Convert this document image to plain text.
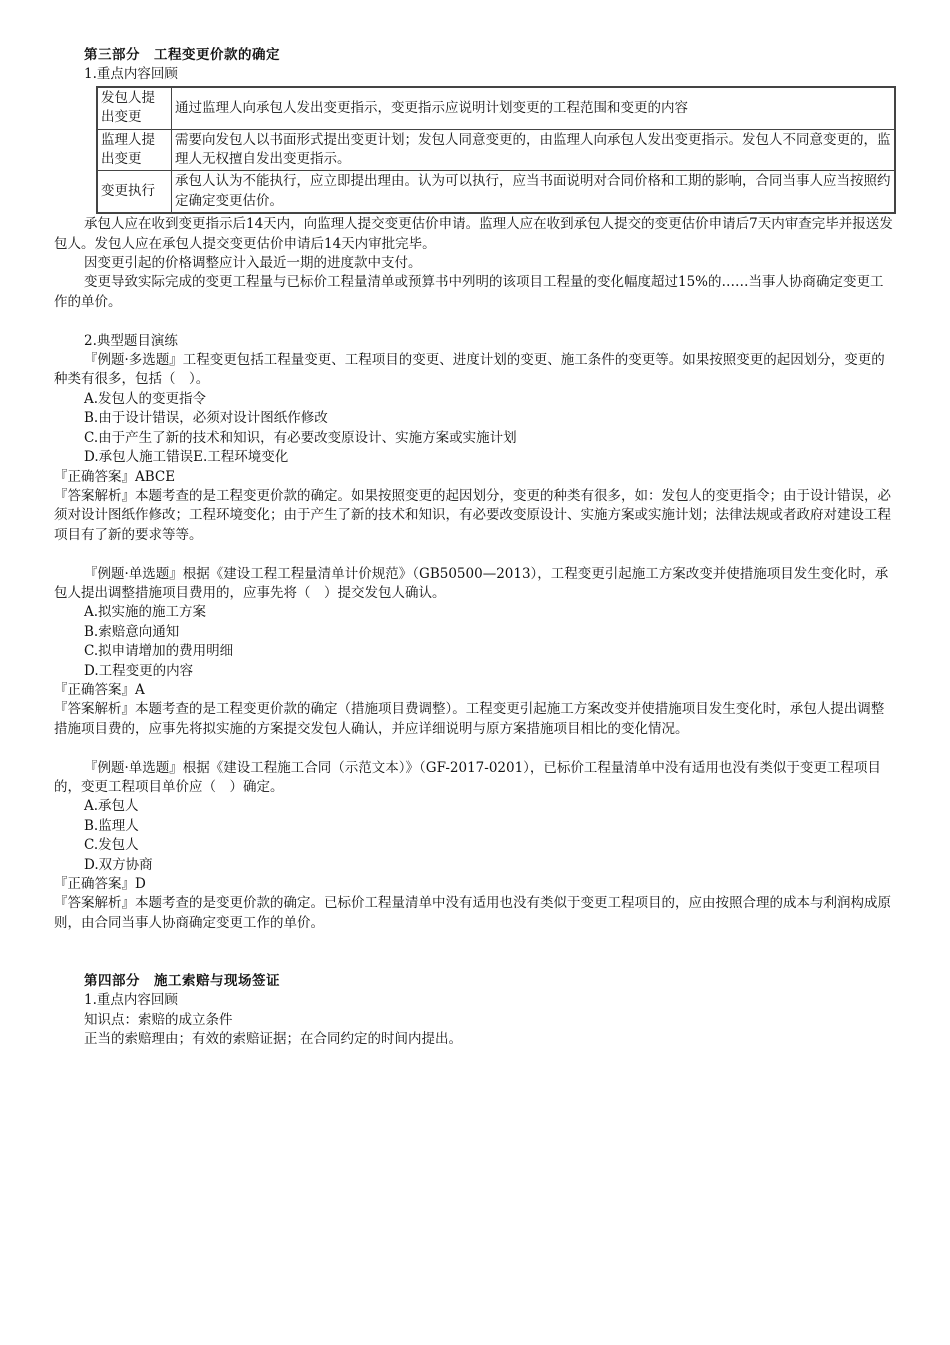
第三部分　工程变更价款的确定
1.重点内容回顾
发包人提出变更	通过监理人向承包人发出变更指示，变更指示应说明计划变更的工程范围和变更的内容
监理人提出变更	需要向发包人以书面形式提出变更计划；发包人同意变更的，由监理人向承包人发出变更指示。发包人不同意变更的，监理人无权擅自发出变更指示。
变更执行	承包人认为不能执行，应立即提出理由。认为可以执行，应当书面说明对合同价格和工期的影响，合同当事人应当按照约定确定变更估价。
承包人应在收到变更指示后14天内，向监理人提交变更估价申请。监理人应在收到承包人提交的变更估价申请后7天内审查完毕并报送发包人。发包人应在承包人提交变更估价申请后14天内审批完毕。
因变更引起的价格调整应计入最近一期的进度款中支付。
变更导致实际完成的变更工程量与已标价工程量清单或预算书中列明的该项目工程量的变化幅度超过15%的……当事人协商确定变更工作的单价。
2.典型题目演练
『例题·多选题』工程变更包括工程量变更、工程项目的变更、进度计划的变更、施工条件的变更等。如果按照变更的起因划分，变更的种类有很多，包括（　）。
A.发包人的变更指令
B.由于设计错误，必须对设计图纸作修改
C.由于产生了新的技术和知识，有必要改变原设计、实施方案或实施计划
D.承包人施工错误E.工程环境变化
『正确答案』ABCE
『答案解析』本题考查的是工程变更价款的确定。如果按照变更的起因划分，变更的种类有很多，如：发包人的变更指令；由于设计错误，必须对设计图纸作修改；工程环境变化；由于产生了新的技术和知识，有必要改变原设计、实施方案或实施计划；法律法规或者政府对建设工程项目有了新的要求等等。
『例题·单选题』根据《建设工程工程量清单计价规范》（GB50500—2013），工程变更引起施工方案改变并使措施项目发生变化时，承包人提出调整措施项目费用的，应事先将（　）提交发包人确认。
A.拟实施的施工方案
B.索赔意向通知
C.拟申请增加的费用明细
D.工程变更的内容
『正确答案』A
『答案解析』本题考查的是工程变更价款的确定（措施项目费调整）。工程变更引起施工方案改变并使措施项目发生变化时，承包人提出调整措施项目费的，应事先将拟实施的方案提交发包人确认，并应详细说明与原方案措施项目相比的变化情况。
『例题·单选题』根据《建设工程施工合同（示范文本）》（GF-2017-0201），已标价工程量清单中没有适用也没有类似于变更工程项目的，变更工程项目单价应（　）确定。
A.承包人
B.监理人
C.发包人
D.双方协商
『正确答案』D
『答案解析』本题考查的是变更价款的确定。已标价工程量清单中没有适用也没有类似于变更工程项目的，应由按照合理的成本与利润构成原则，由合同当事人协商确定变更工作的单价。
第四部分　施工索赔与现场签证
1.重点内容回顾
知识点：索赔的成立条件
正当的索赔理由；有效的索赔证据；在合同约定的时间内提出。
